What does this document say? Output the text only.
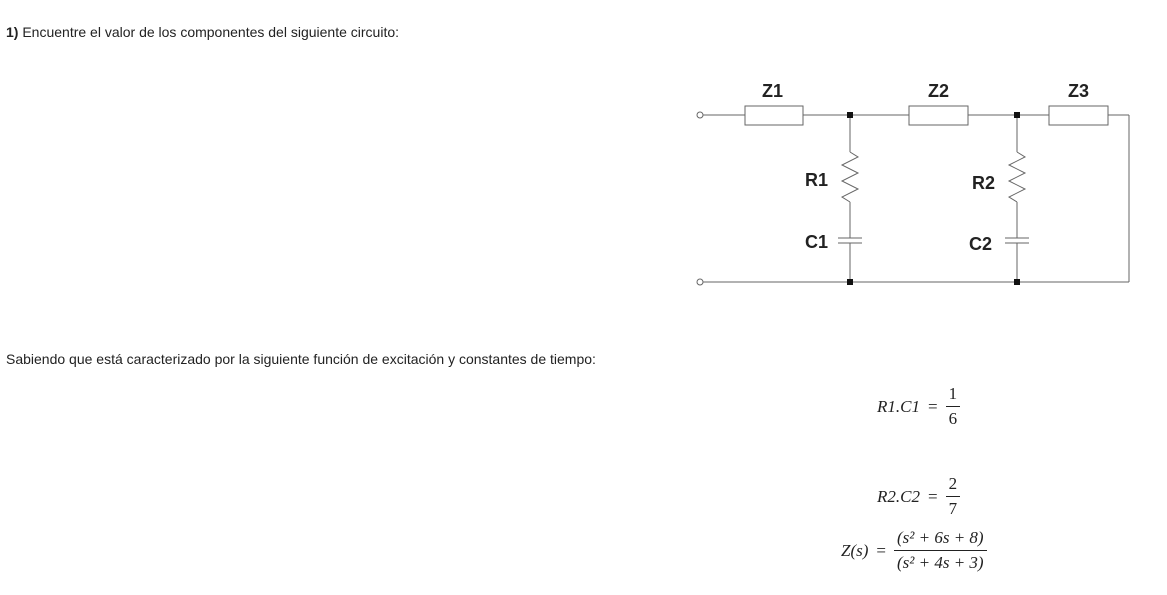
1) Encuentre el valor de los componentes del siguiente circuito:
Z1	Z2	Z3
R1
C1
R2
C2
Sabiendo que está caracterizado por la siguiente función de excitación y constantes de tiempo:
$R1.C1 = \frac{1}{6}$
$R2.C2 = \frac{2}{7}$
$Z(s) = \frac{\text{(s² + 6s + 8)}}{\text{(s² + 4s + 3)}}$
